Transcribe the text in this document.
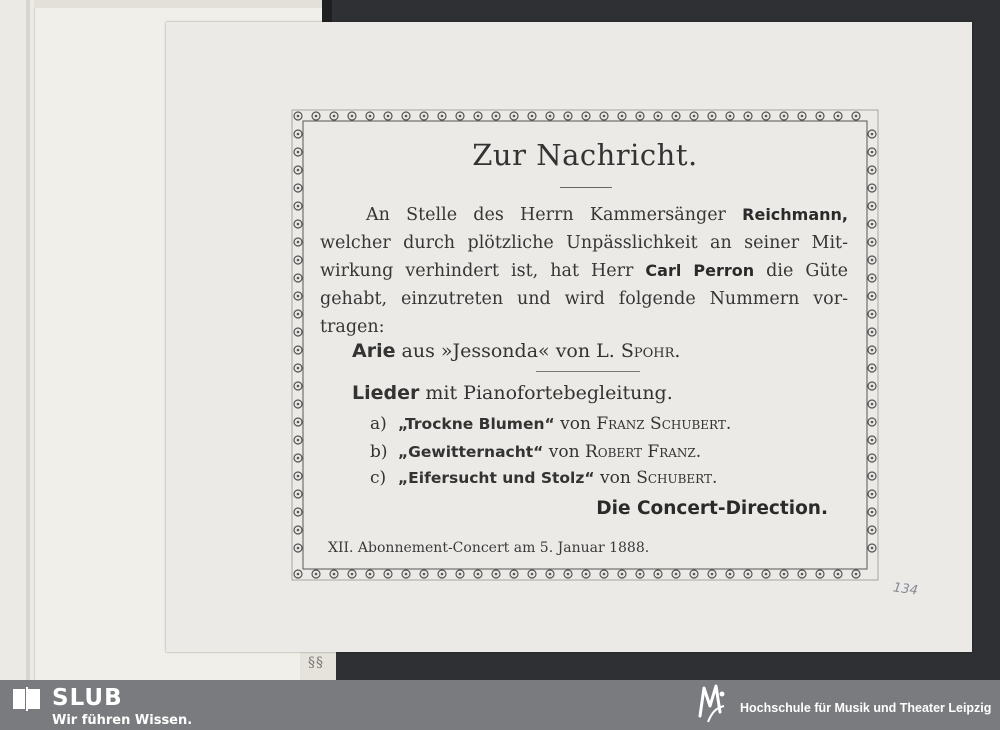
§§
Zur Nachricht.
An Stelle des Herrn Kammersänger Reichmann, welcher durch plötzliche Unpässlichkeit an seiner Mit- wirkung verhindert ist, hat Herr Carl Perron die Güte gehabt, einzutreten und wird folgende Nummern vor- tragen:
Arie aus »Jessonda« von L. Spohr.
Lieder mit Pianofortebegleitung.
a) „Trockne Blumen“ von Franz Schubert.
b) „Gewitternacht“ von Robert Franz.
c) „Eifersucht und Stolz“ von Schubert.
Die Concert-Direction.
XII. Abonnement-Concert am 5. Januar 1888.
134
SLUB
Wir führen Wissen.
Hochschule für Musik und Theater Leipzig
